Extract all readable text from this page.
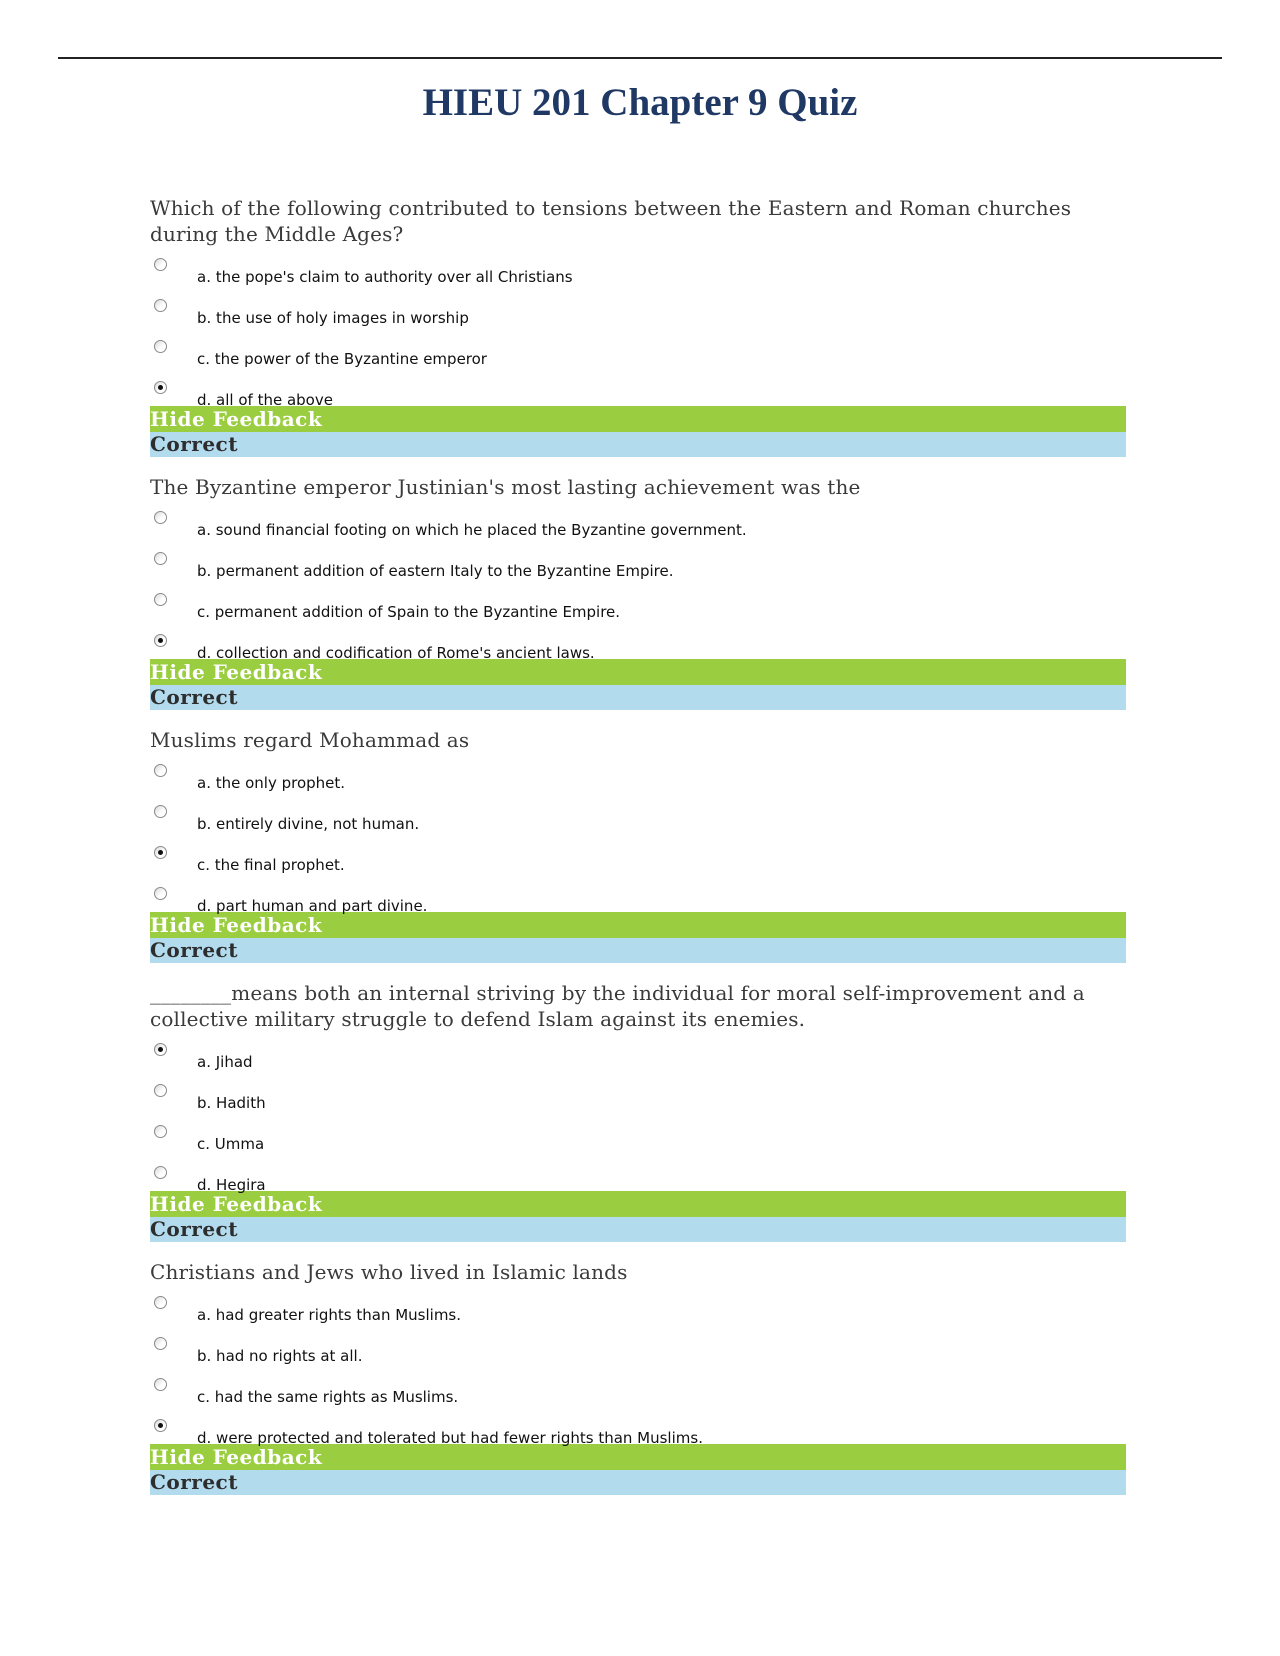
HIEU 201 Chapter 9 Quiz
Which of the following contributed to tensions between the Eastern and Roman churches during the Middle Ages?
a. the pope's claim to authority over all Christians
b. the use of holy images in worship
c. the power of the Byzantine emperor
d. all of the above
Hide Feedback
Correct
The Byzantine emperor Justinian's most lasting achievement was the
a. sound financial footing on which he placed the Byzantine government.
b. permanent addition of eastern Italy to the Byzantine Empire.
c. permanent addition of Spain to the Byzantine Empire.
d. collection and codification of Rome's ancient laws.
Hide Feedback
Correct
Muslims regard Mohammad as
a. the only prophet.
b. entirely divine, not human.
c. the final prophet.
d. part human and part divine.
Hide Feedback
Correct
________means both an internal striving by the individual for moral self-improvement and a collective military struggle to defend Islam against its enemies.
a. Jihad
b. Hadith
c. Umma
d. Hegira
Hide Feedback
Correct
Christians and Jews who lived in Islamic lands
a. had greater rights than Muslims.
b. had no rights at all.
c. had the same rights as Muslims.
d. were protected and tolerated but had fewer rights than Muslims.
Hide Feedback
Correct
